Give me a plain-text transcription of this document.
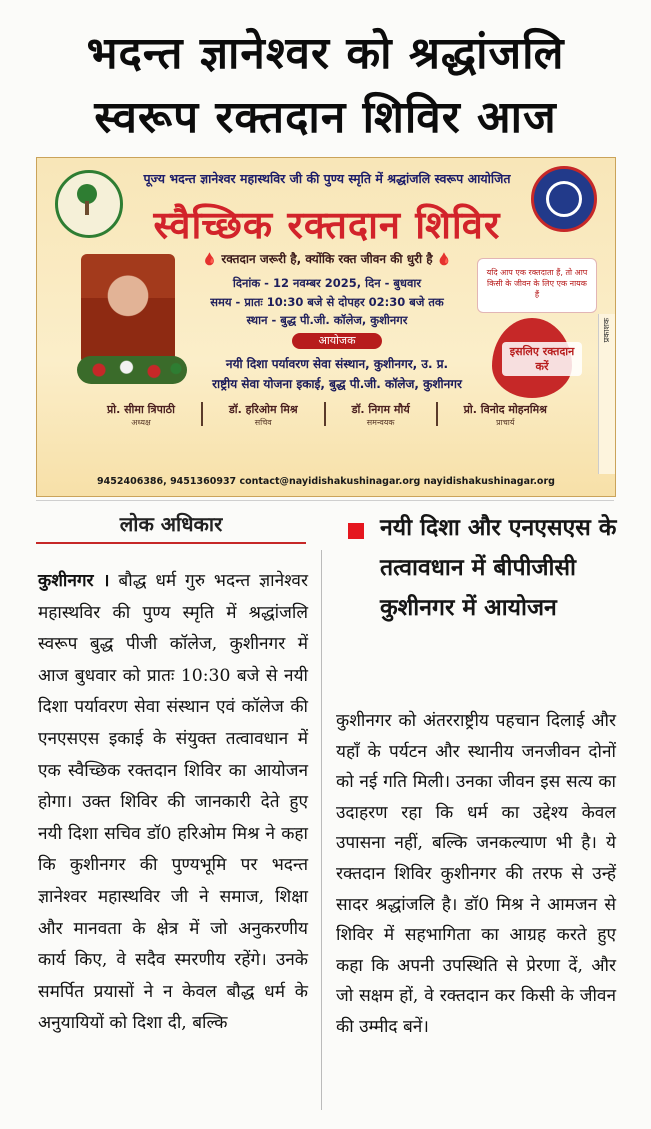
भदन्त ज्ञानेश्वर को श्रद्धांजलि
स्वरूप रक्तदान शिविर आज
पूज्य भदन्त ज्ञानेश्वर महास्थविर जी की पुण्य स्मृति में श्रद्धांजलि स्वरूप आयोजित
स्वैच्छिक रक्तदान शिविर
🩸 रक्तदान जरूरी है, क्योंकि रक्त जीवन की धुरी है 🩸
दिनांक - 12 नवम्बर 2025, दिन - बुधवार
समय - प्रातः 10:30 बजे से दोपहर 02:30 बजे तक
स्थान - बुद्ध पी.जी. कॉलेज, कुशीनगर
आयोजक
नयी दिशा पर्यावरण सेवा संस्थान, कुशीनगर, उ. प्र.
राष्ट्रीय सेवा योजना इकाई, बुद्ध पी.जी. कॉलेज, कुशीनगर
यदि आप एक रक्तदाता हैं, तो आप किसी के जीवन के लिए एक नायक हैं
इसलिए रक्तदान करें
प्रो. सीमा त्रिपाठी
अध्यक्ष
डॉ. हरिओम मिश्र
सचिव
डॉ. निगम मौर्य
समन्वयक
प्रो. विनोद मोहनमिश्र
प्राचार्य
9452406386, 9451360937 contact@nayidishakushinagar.org nayidishakushinagar.org
प्रकाशक
लोक अधिकार
कुशीनगर । बौद्ध धर्म गुरु भदन्त ज्ञानेश्वर महास्थविर की पुण्य स्मृति में श्रद्धांजलि स्वरूप बुद्ध पीजी कॉलेज, कुशीनगर में आज बुधवार को प्रातः 10:30 बजे से नयी दिशा पर्यावरण सेवा संस्थान एवं कॉलेज की एनएसएस इकाई के संयुक्त तत्वावधान में एक स्वैच्छिक रक्तदान शिविर का आयोजन होगा। उक्त शिविर की जानकारी देते हुए नयी दिशा सचिव डॉ0 हरिओम मिश्र ने कहा कि कुशीनगर की पुण्यभूमि पर भदन्त ज्ञानेश्वर महास्थविर जी ने समाज, शिक्षा और मानवता के क्षेत्र में जो अनुकरणीय कार्य किए, वे सदैव स्मरणीय रहेंगे। उनके समर्पित प्रयासों ने न केवल बौद्ध धर्म के अनुयायियों को दिशा दी, बल्कि
नयी दिशा और एनएसएस के तत्वावधान में बीपीजीसी कुशीनगर में आयोजन
कुशीनगर को अंतरराष्ट्रीय पहचान दिलाई और यहाँ के पर्यटन और स्थानीय जनजीवन दोनों को नई गति मिली। उनका जीवन इस सत्य का उदाहरण रहा कि धर्म का उद्देश्य केवल उपासना नहीं, बल्कि जनकल्याण भी है। ये रक्तदान शिविर कुशीनगर की तरफ से उन्हें सादर श्रद्धांजलि है। डॉ0 मिश्र ने आमजन से शिविर में सहभागिता का आग्रह करते हुए कहा कि अपनी उपस्थिति से प्रेरणा दें, और जो सक्षम हों, वे रक्तदान कर किसी के जीवन की उम्मीद बनें।
